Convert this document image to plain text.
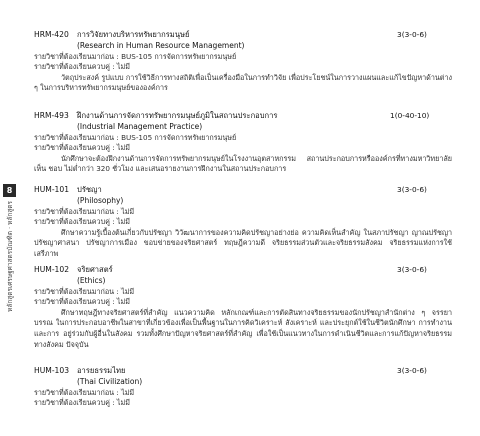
8
หลักสูตรเศรษฐศาสตรบัณฑิต · หลักสูตร
HRM-420 การวิจัยทางบริหารทรัพยากรมนุษย์	3(3-0-6)
(Research in Human Resource Management)
รายวิชาที่ต้องเรียนมาก่อน : BUS-105 การจัดการทรัพยากรมนุษย์
รายวิชาที่ต้องเรียนควบคู่ : ไม่มี

วัตถุประสงค์ รูปแบบ การใช้วิธีการทางสถิติเพื่อเป็นเครื่องมือในการทำวิจัย เพื่อประโยชน์ในการวางแผนและแก้ไขปัญหาด้านต่าง ๆ ในการบริหารทรัพยากรมนุษย์ขององค์การ

HRM-493 ฝึกงานด้านการจัดการทรัพยากรมนุษย์ภูมิในสถานประกอบการ	1(0-40-10)
(Industrial Management Practice)
รายวิชาที่ต้องเรียนมาก่อน : BUS-105 การจัดการทรัพยากรมนุษย์
รายวิชาที่ต้องเรียนควบคู่ : ไม่มี

นักศึกษาจะต้องฝึกงานด้านการจัดการทรัพยากรมนุษย์ในโรงงานอุตสาหกรรม สถานประกอบการหรือองค์กรที่ทางมหาวิทยาลัยเห็น ชอบ ไม่ต่ำกว่า 320 ชั่วโมง และเสนอรายงานการฝึกงานในสถานประกอบการ

HUM-101 ปรัชญา	3(3-0-6)
(Philosophy)
รายวิชาที่ต้องเรียนมาก่อน : ไม่มี
รายวิชาที่ต้องเรียนควบคู่ : ไม่มี

ศึกษาความรู้เบื้องต้นเกี่ยวกับปรัชญา วิวัฒนาการของความคิดปรัชญาอย่างย่อ ความคิดเห็นสำคัญ ในสภาปรัชญา ญาณปรัชญา ปรัชญาศาสนา ปรัชญาการเมือง ขอบข่ายของจริยศาสตร์ ทฤษฎีความดี จริยธรรมส่วนตัวและจริยธรรมสังคม จริยธรรมแห่งการใช้เสรีภาพ

HUM-102 จริยศาสตร์	3(3-0-6)
(Ethics)
รายวิชาที่ต้องเรียนมาก่อน : ไม่มี
รายวิชาที่ต้องเรียนควบคู่ : ไม่มี

ศึกษาทฤษฎีทางจริยศาสตร์ที่สำคัญ แนวความคิด หลักเกณฑ์และการตัดสินทางจริยธรรมของนักปรัชญาสำนักต่าง ๆ จรรยาบรรณ ในการประกอบอาชีพในสาขาที่เกี่ยวข้องเพื่อเป็นพื้นฐานในการคิดวิเคราะห์ สังเคราะห์ และประยุกต์ใช้ในชีวิตนักศึกษา การทำงานและการ อยู่ร่วมกับผู้อื่นในสังคม รวมทั้งศึกษาปัญหาจริยศาสตร์ที่สำคัญ เพื่อใช้เป็นแนวทางในการดำเนินชีวิตและการแก้ปัญหาจริยธรรมทางสังคม ปัจจุบัน

HUM-103 อารยธรรมไทย	3(3-0-6)
(Thai Civilization)
รายวิชาที่ต้องเรียนมาก่อน : ไม่มี
รายวิชาที่ต้องเรียนควบคู่ : ไม่มี
